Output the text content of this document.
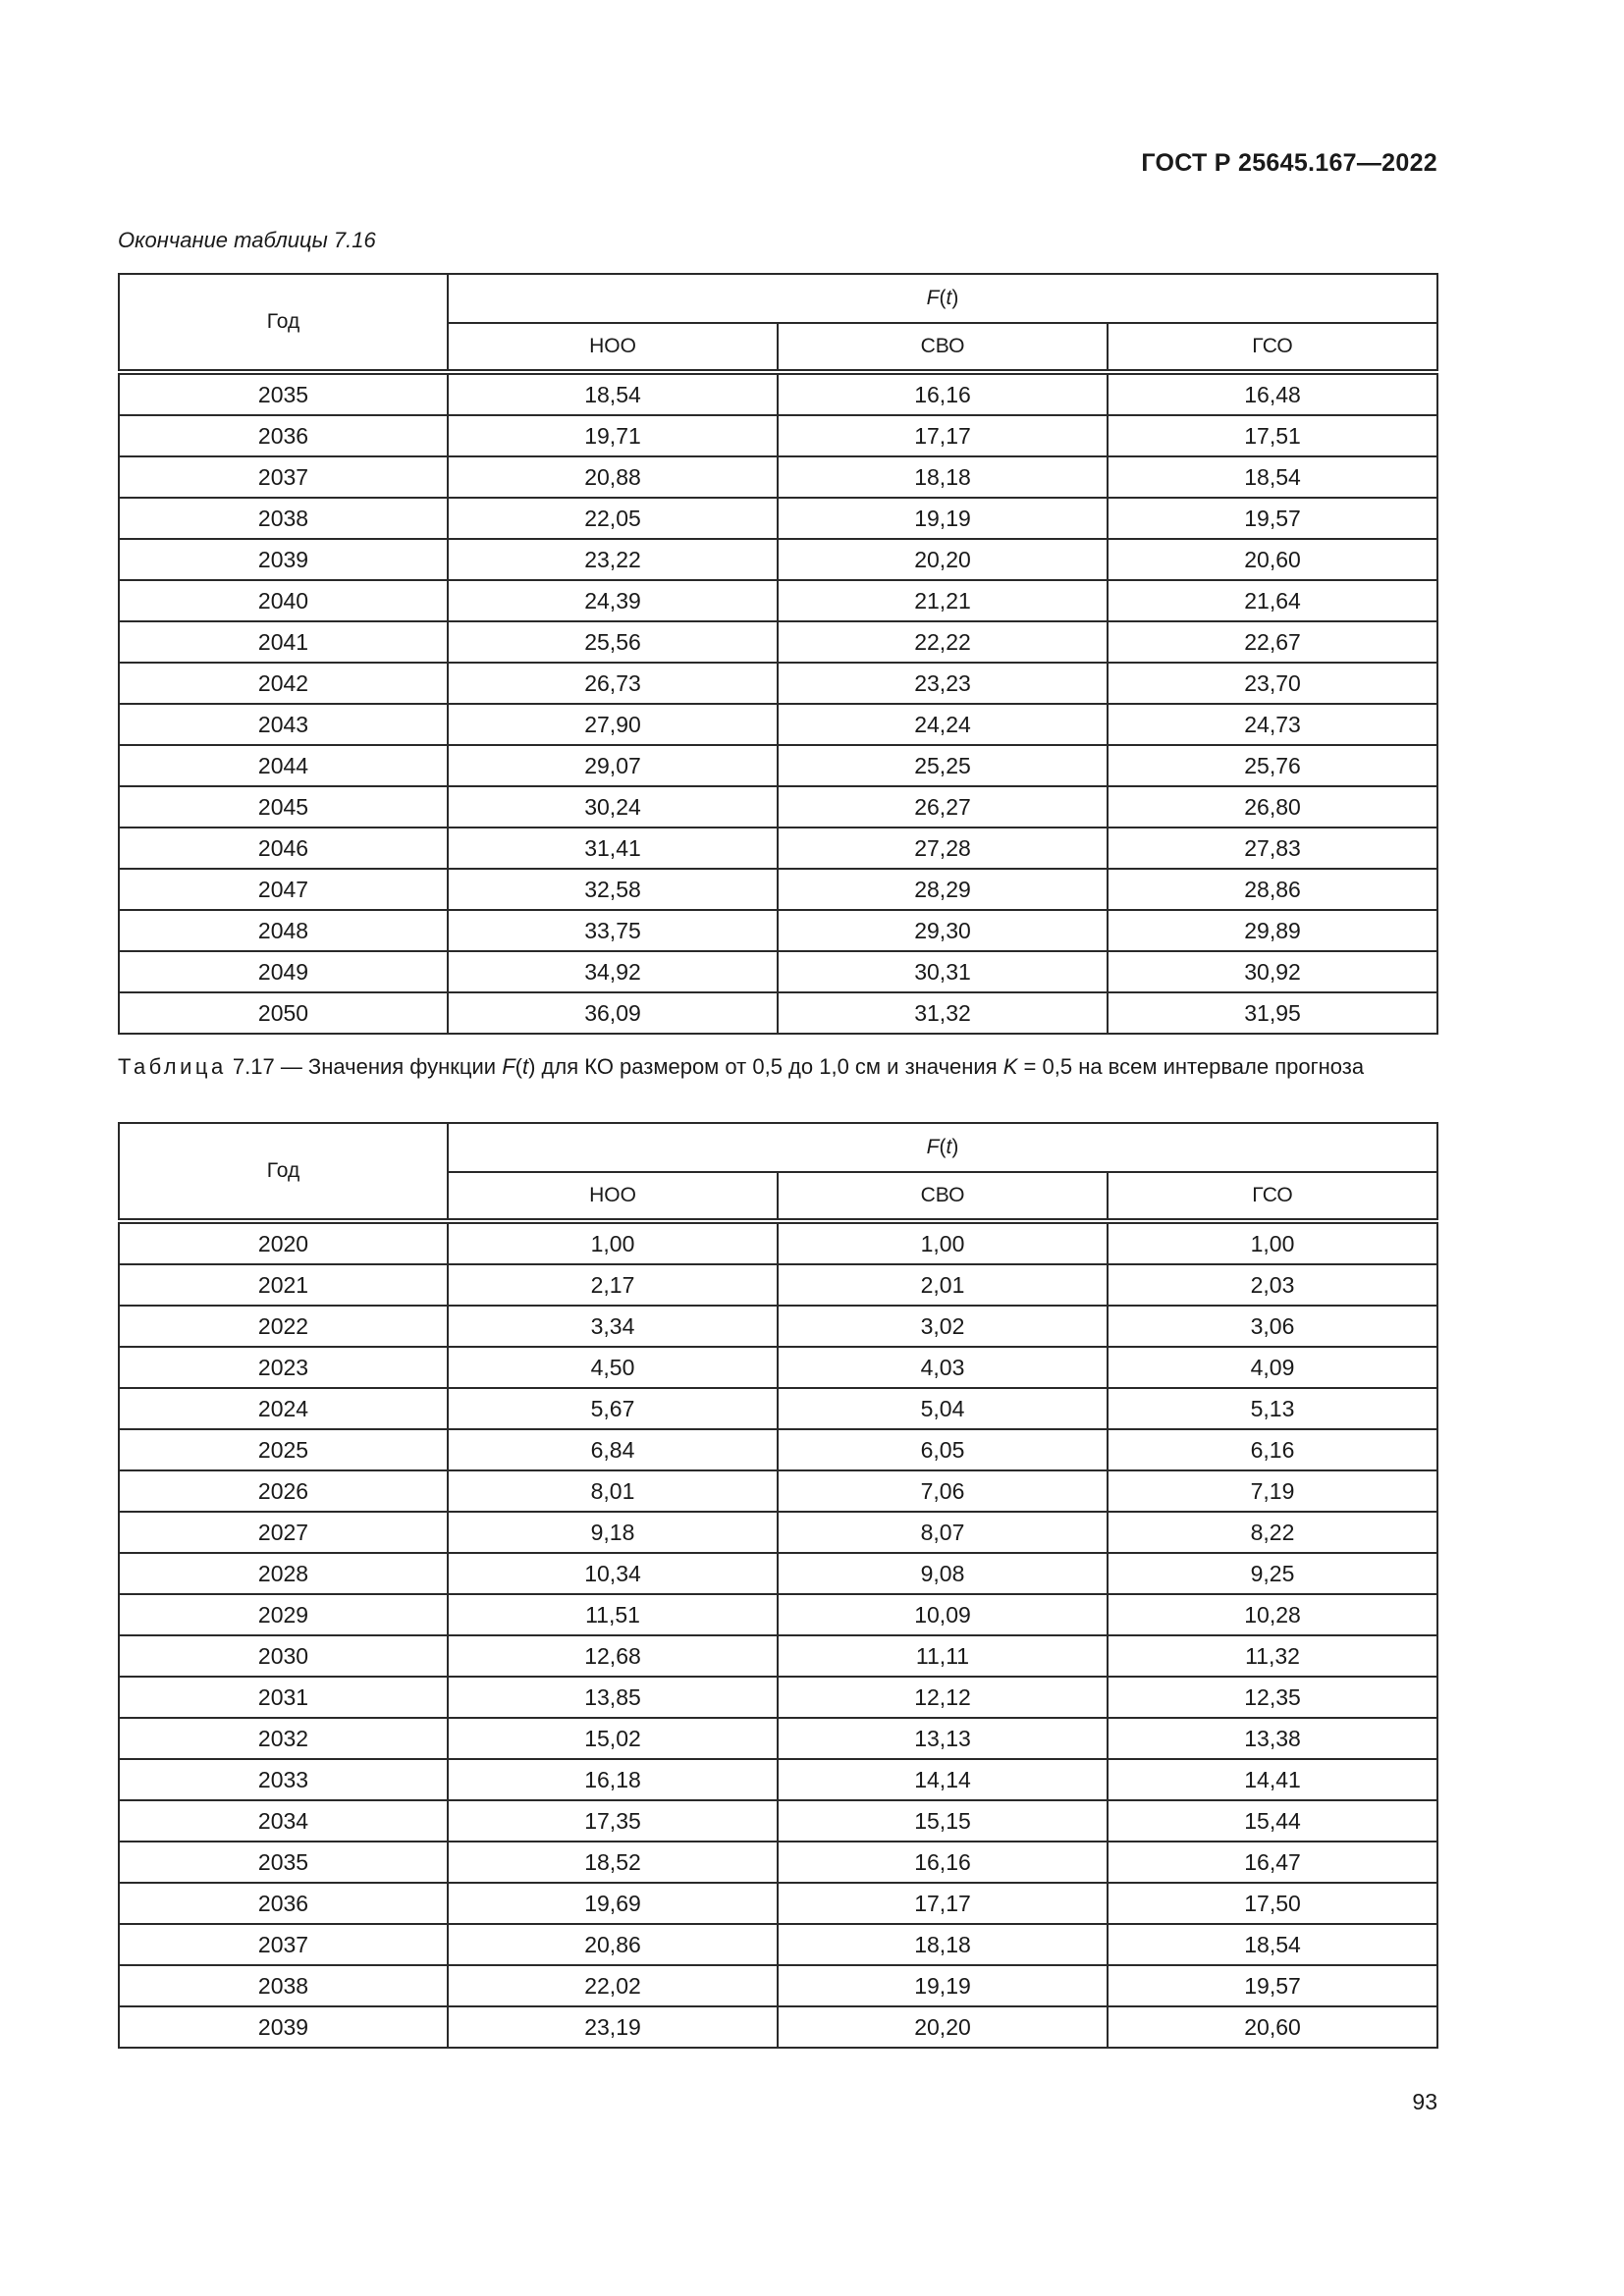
ГОСТ Р 25645.167—2022
Окончание таблицы 7.16
Год	F(t)		
	НОО	СВО	ГСО
2035	18,54	16,16	16,48
2036	19,71	17,17	17,51
2037	20,88	18,18	18,54
2038	22,05	19,19	19,57
2039	23,22	20,20	20,60
2040	24,39	21,21	21,64
2041	25,56	22,22	22,67
2042	26,73	23,23	23,70
2043	27,90	24,24	24,73
2044	29,07	25,25	25,76
2045	30,24	26,27	26,80
2046	31,41	27,28	27,83
2047	32,58	28,29	28,86
2048	33,75	29,30	29,89
2049	34,92	30,31	30,92
2050	36,09	31,32	31,95
Таблица 7.17 — Значения функции F(t) для КО размером от 0,5 до 1,0 см и значения K = 0,5 на всем интервале прогноза
Год	F(t)		
	НОО	СВО	ГСО
2020	1,00	1,00	1,00
2021	2,17	2,01	2,03
2022	3,34	3,02	3,06
2023	4,50	4,03	4,09
2024	5,67	5,04	5,13
2025	6,84	6,05	6,16
2026	8,01	7,06	7,19
2027	9,18	8,07	8,22
2028	10,34	9,08	9,25
2029	11,51	10,09	10,28
2030	12,68	11,11	11,32
2031	13,85	12,12	12,35
2032	15,02	13,13	13,38
2033	16,18	14,14	14,41
2034	17,35	15,15	15,44
2035	18,52	16,16	16,47
2036	19,69	17,17	17,50
2037	20,86	18,18	18,54
2038	22,02	19,19	19,57
2039	23,19	20,20	20,60
93
